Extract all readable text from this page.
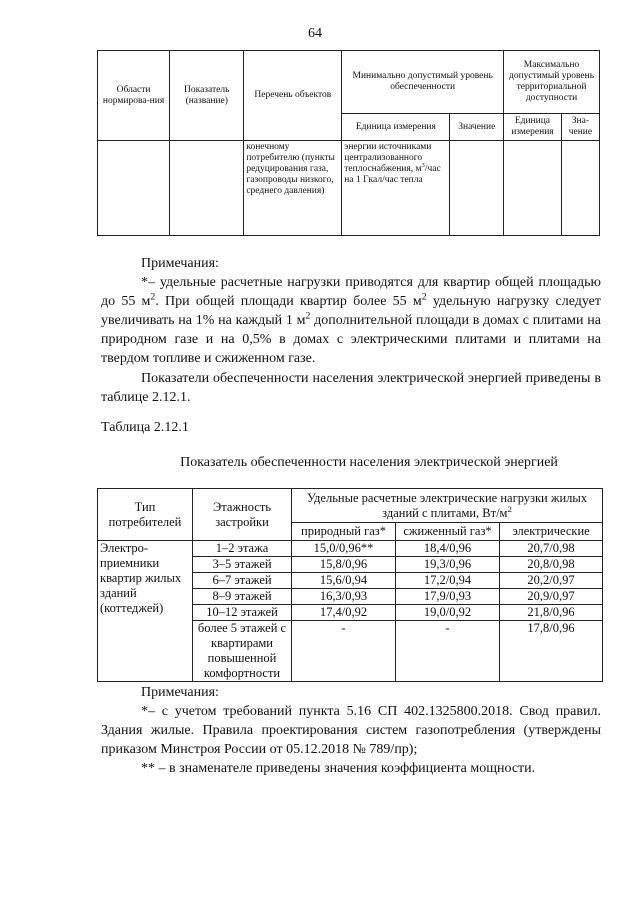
64
Области нормирова-ния	Показатель (название)	Перечень объектов	Минимально допустимый уровень обеспеченности		Максимально допустимый уровень территориальной доступности	
			Единица измерения	Значение	Единица измерения	Зна-чение
		конечному потребителю (пункты редуцирования газа, газопроводы низкого, среднего давления)	энергии источниками централизованного теплоснабжения, $м^3$/час на 1 Гкал/час тепла			

Примечания:

*– удельные расчетные нагрузки приводятся для квартир общей площадью до 55 $м^2$. При общей площади квартир более 55 $м^2$ удельную нагрузку следует увеличивать на 1% на каждый 1 $м^2$ дополнительной площади в домах с плитами на природном газе и на 0,5% в домах с электрическими плитами и плитами на твердом топливе и сжиженном газе.

Показатели обеспеченности населения электрической энергией приведены в таблице 2.12.1.

Таблица 2.12.1
Показатель обеспеченности населения электрической энергией
Тип потребителей	Этажность застройки	Удельные расчетные электрические нагрузки жилых зданий с плитами, $Вт/м^2$
		природный газ*	сжиженный газ*	электрические
Электро-приемники квартир жилых зданий (коттеджей)	1–2 этажа	15,0/0,96**	18,4/0,96	20,7/0,98
	3–5 этажей	15,8/0,96	19,3/0,96	20,8/0,98
	6–7 этажей	15,6/0,94	17,2/0,94	20,2/0,97
	8–9 этажей	16,3/0,93	17,9/0,93	20,9/0,97
	10–12 этажей	17,4/0,92	19,0/0,92	21,8/0,96
	более 5 этажей с квартирами повышенной комфортности	-	-	17,8/0,96

Примечания:

*– с учетом требований пункта 5.16 СП 402.1325800.2018. Свод правил. Здания жилые. Правила проектирования систем газопотребления (утверждены приказом Минстроя России от 05.12.2018 № 789/пр);

** – в знаменателе приведены значения коэффициента мощности.
